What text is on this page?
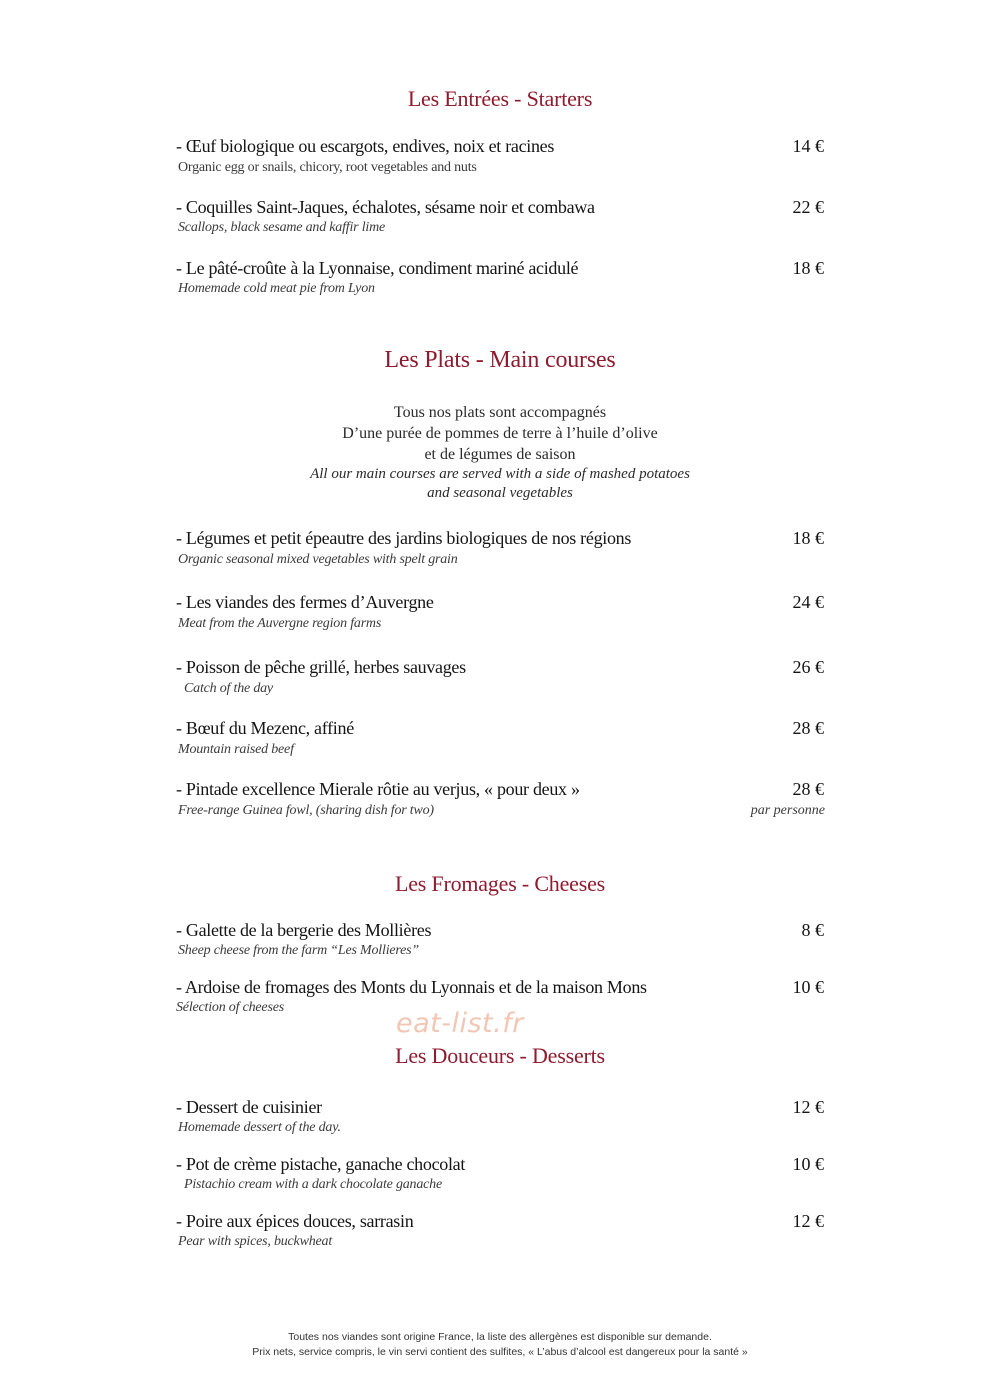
Les Entrées - Starters
- Œuf biologique ou escargots, endives, noix et racines	14 €
Organic egg or snails, chicory, root vegetables and nuts
- Coquilles Saint-Jaques, échalotes, sésame noir et combawa	22 €
Scallops, black sesame and kaffir lime
- Le pâté-croûte à la Lyonnaise, condiment mariné acidulé	18 €
Homemade cold meat pie from Lyon
Les Plats - Main courses
Tous nos plats sont accompagnés
D’une purée de pommes de terre à l’huile d’olive
et de légumes de saison
All our main courses are served with a side of mashed potatoes
and seasonal vegetables
- Légumes et petit épeautre des jardins biologiques de nos régions	18 €
Organic seasonal mixed vegetables with spelt grain
- Les viandes des fermes d’Auvergne	24 €
Meat from the Auvergne region farms
- Poisson de pêche grillé, herbes sauvages	26 €
Catch of the day
- Bœuf du Mezenc, affiné	28 €
Mountain raised beef
- Pintade excellence Mierale rôtie au verjus, « pour deux »	28 €
Free-range Guinea fowl, (sharing dish for two)	par personne
Les Fromages - Cheeses
- Galette de la bergerie des Mollières	8 €
Sheep cheese from the farm “Les Mollieres”
- Ardoise de fromages des Monts du Lyonnais et de la maison Mons	10 €
Sélection of cheeses
eat-list.fr
Les Douceurs - Desserts
- Dessert de cuisinier	12 €
Homemade dessert of the day.
- Pot de crème pistache, ganache chocolat	10 €
Pistachio cream with a dark chocolate ganache
- Poire aux épices douces, sarrasin	12 €
Pear with spices, buckwheat
Toutes nos viandes sont origine France, la liste des allergènes est disponible sur demande.
Prix nets, service compris, le vin servi contient des sulfites, « L’abus d’alcool est dangereux pour la santé »
